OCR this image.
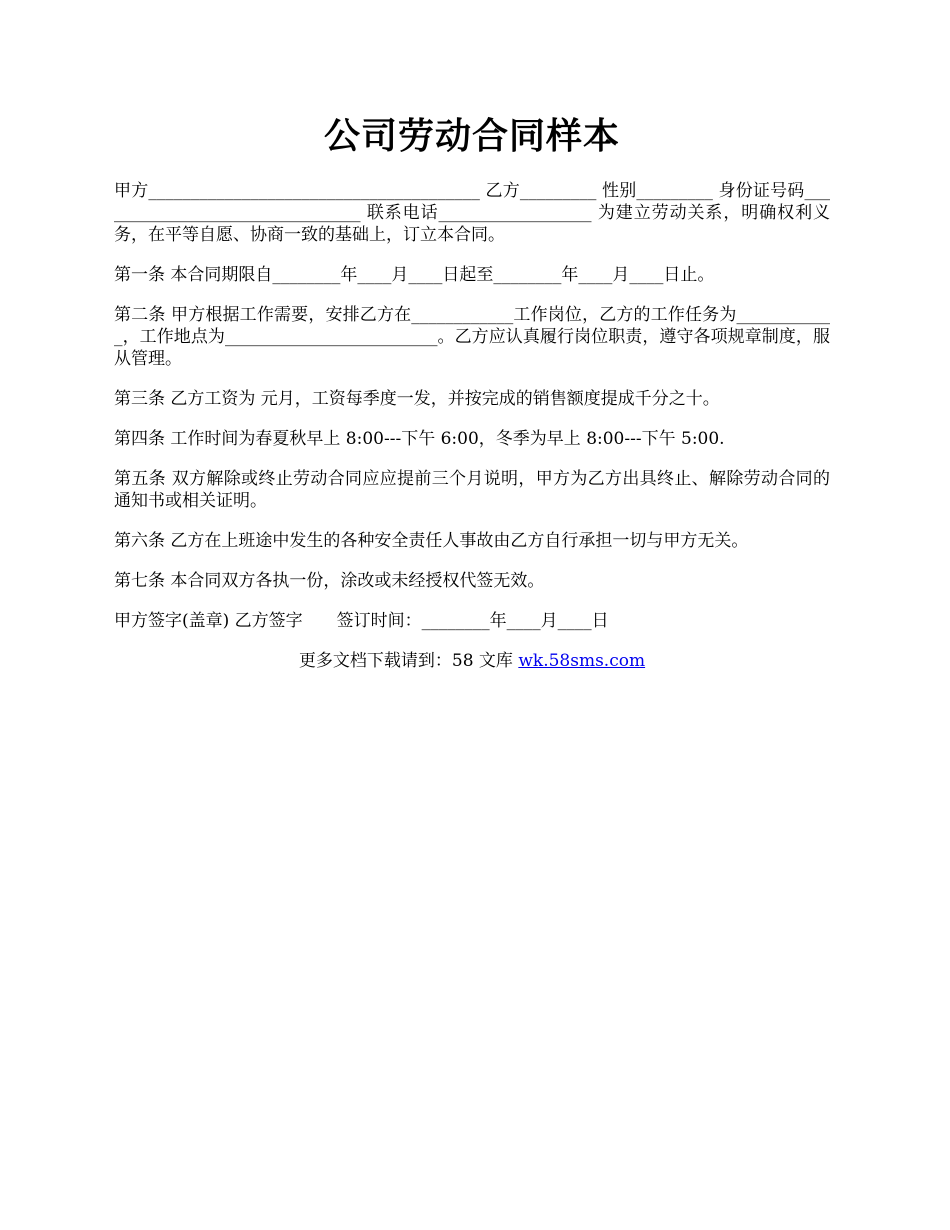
公司劳动合同样本

甲方_______________________________________ 乙方_________ 性别_________ 身份证号码________________________________ 联系电话__________________ 为建立劳动关系，明确权利义务，在平等自愿、协商一致的基础上，订立本合同。

第一条 本合同期限自________年____月____日起至________年____月____日止。

第二条 甲方根据工作需要，安排乙方在____________工作岗位，乙方的工作任务为____________，工作地点为_________________________。乙方应认真履行岗位职责，遵守各项规章制度，服从管理。

第三条 乙方工资为 元月，工资每季度一发，并按完成的销售额度提成千分之十。

第四条 工作时间为春夏秋早上 8:00---下午 6:00，冬季为早上 8:00---下午 5:00.

第五条 双方解除或终止劳动合同应应提前三个月说明，甲方为乙方出具终止、解除劳动合同的通知书或相关证明。

第六条 乙方在上班途中发生的各种安全责任人事故由乙方自行承担一切与甲方无关。

第七条 本合同双方各执一份，涂改或未经授权代签无效。

甲方签字(盖章) 乙方签字　　签订时间：________年____月____日

更多文档下载请到：58 文库 wk.58sms.com
